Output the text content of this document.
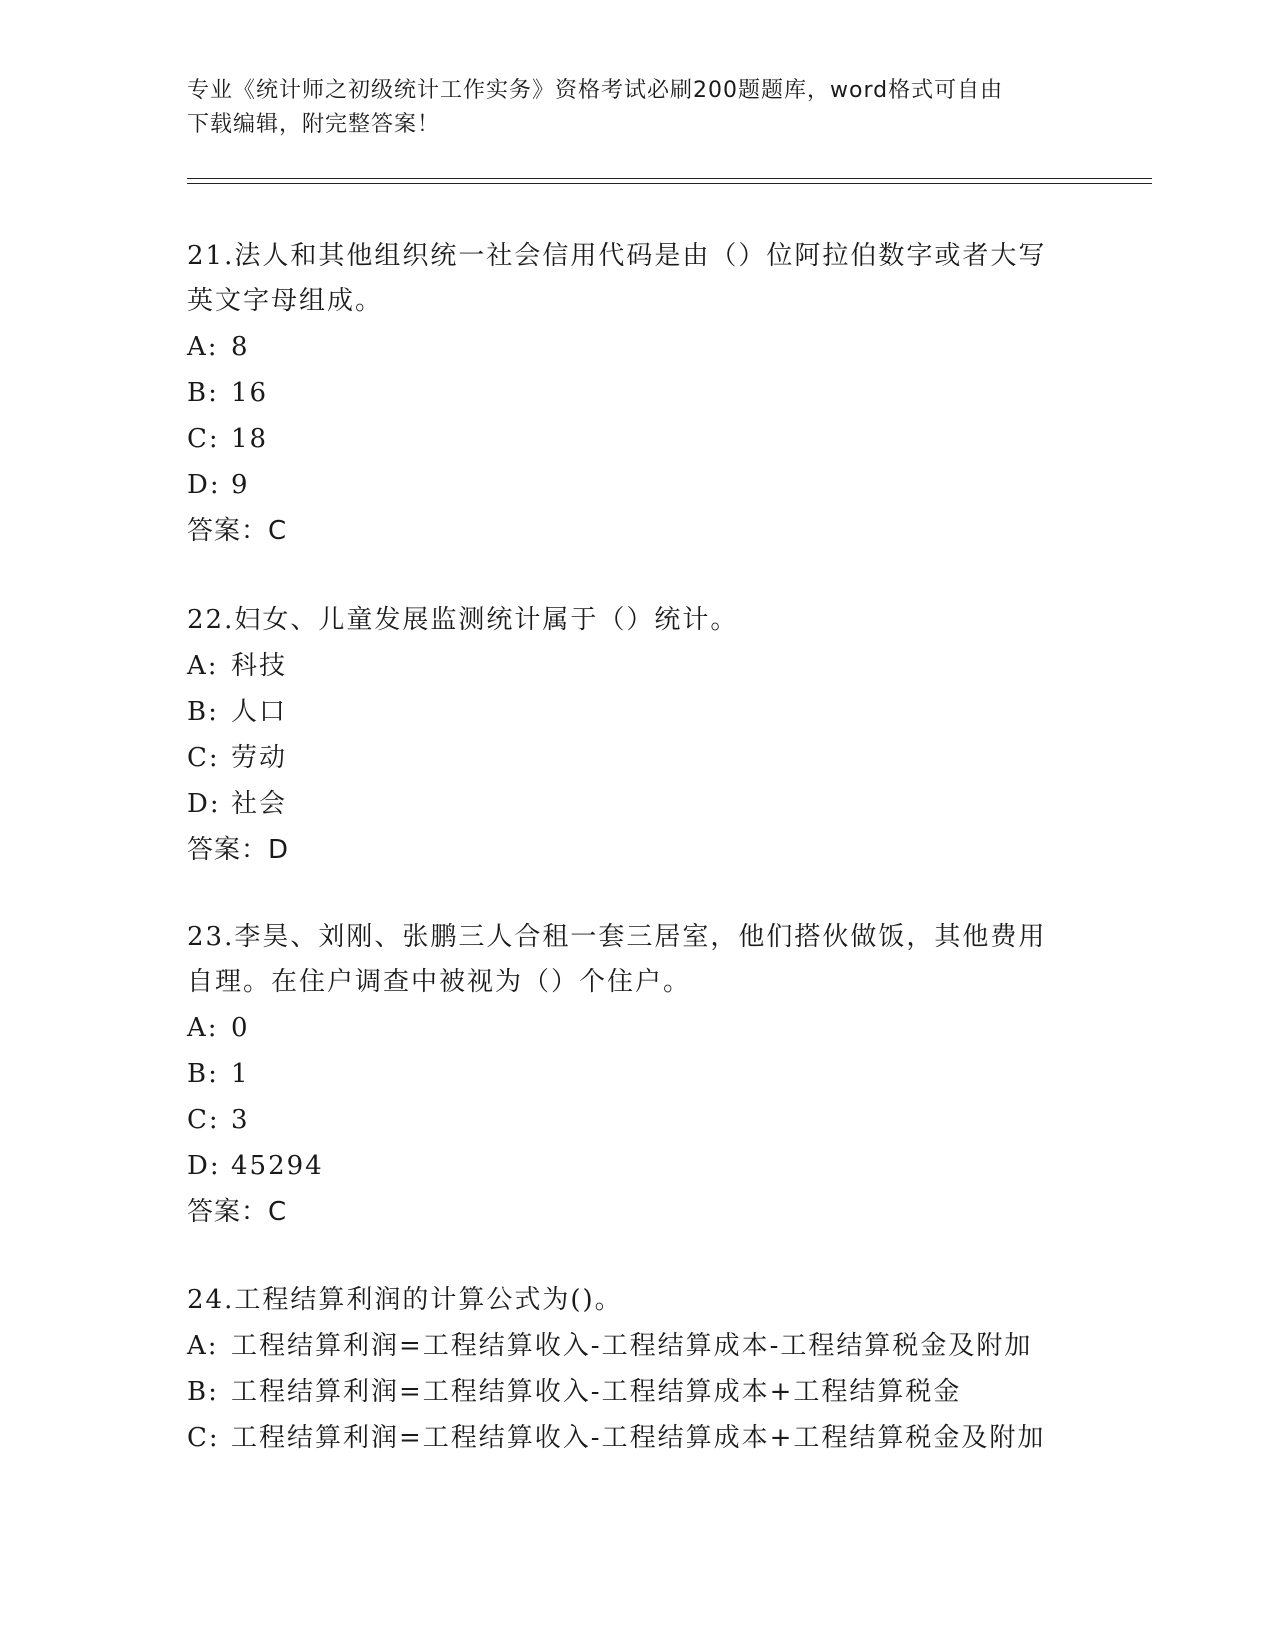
专业《统计师之初级统计工作实务》资格考试必刷200题题库，word格式可自由
下载编辑，附完整答案！
21.法人和其他组织统一社会信用代码是由（）位阿拉伯数字或者大写
英文字母组成。
A: 8
B: 16
C: 18
D: 9
答案：C
22.妇女、儿童发展监测统计属于（）统计。
A: 科技
B: 人口
C: 劳动
D: 社会
答案：D
23.李昊、刘刚、张鹏三人合租一套三居室，他们搭伙做饭，其他费用
自理。在住户调查中被视为（）个住户。
A: 0
B: 1
C: 3
D: 45294
答案：C
24.工程结算利润的计算公式为()。
A: 工程结算利润=工程结算收入-工程结算成本-工程结算税金及附加
B: 工程结算利润=工程结算收入-工程结算成本+工程结算税金
C: 工程结算利润=工程结算收入-工程结算成本+工程结算税金及附加
